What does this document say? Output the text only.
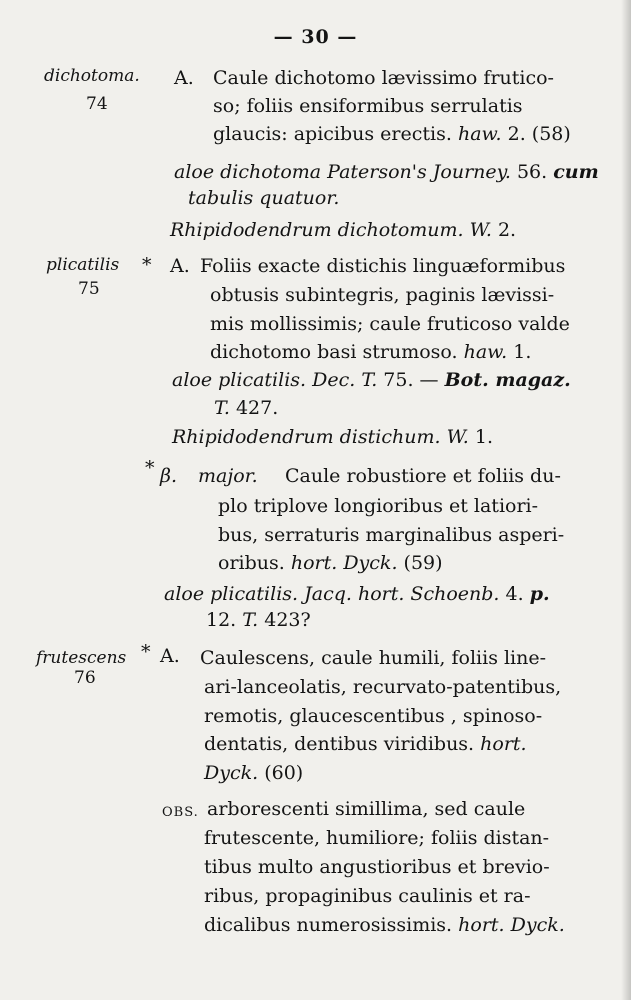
— 30 —
dichotoma.
74
A. Caule dichotomo lævissimo frutico-
so; foliis ensiformibus serrulatis
glaucis: apicibus erectis. haw. 2. (58)
aloe dichotoma Paterson's Journey. 56. cum
tabulis quatuor.
Rhipidodendrum dichotomum. W. 2.
plicatilis *
75
A. Foliis exacte distichis linguæformibus
obtusis subintegris, paginis lævissi-
mis mollissimis; caule fruticoso valde
dichotomo basi strumoso. haw. 1.
aloe plicatilis. Dec. T. 75. — Bot. magaz.
T. 427.
Rhipidodendrum distichum. W. 1.
* β. major. Caule robustiore et foliis du-
plo triplove longioribus et latiori-
bus, serraturis marginalibus asperi-
oribus. hort. Dyck. (59)
aloe plicatilis. Jacq. hort. Schoenb. 4. p.
12. T. 423?
frutescens *
76
A. Caulescens, caule humili, foliis line-
ari-lanceolatis, recurvato-patentibus,
remotis, glaucescentibus , spinoso-
dentatis, dentibus viridibus. hort.
Dyck. (60)
OBS. arborescenti simillima, sed caule
frutescente, humiliore; foliis distan-
tibus multo angustioribus et brevio-
ribus, propaginibus caulinis et ra-
dicalibus numerosissimis. hort. Dyck.
